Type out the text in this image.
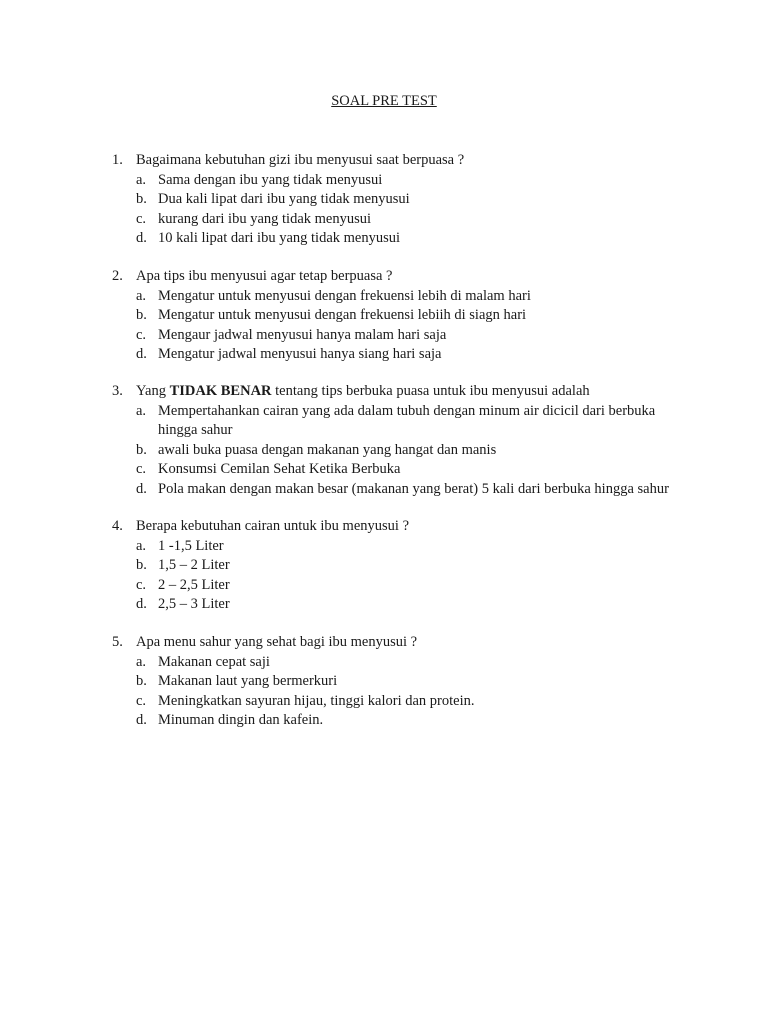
SOAL PRE TEST
1. Bagaimana kebutuhan gizi ibu menyusui saat berpuasa ?
a. Sama dengan ibu yang tidak menyusui
b. Dua kali lipat dari ibu yang tidak menyusui
c. kurang dari ibu yang tidak menyusui
d. 10 kali lipat dari ibu yang tidak menyusui
2. Apa tips ibu menyusui agar tetap berpuasa ?
a. Mengatur untuk menyusui dengan frekuensi lebih di malam hari
b. Mengatur untuk menyusui dengan frekuensi lebiih di siagn hari
c. Mengaur jadwal menyusui hanya malam hari saja
d. Mengatur jadwal menyusui hanya siang hari saja
3. Yang TIDAK BENAR tentang tips berbuka puasa untuk ibu menyusui adalah
a. Mempertahankan cairan yang ada dalam tubuh dengan minum air dicicil dari berbuka hingga sahur
b. awali buka puasa dengan makanan yang hangat dan manis
c. Konsumsi Cemilan Sehat Ketika Berbuka
d. Pola makan dengan makan besar (makanan yang berat) 5 kali dari berbuka hingga sahur
4. Berapa kebutuhan cairan untuk ibu menyusui ?
a. 1 -1,5 Liter
b. 1,5 – 2 Liter
c. 2 – 2,5 Liter
d. 2,5 – 3 Liter
5. Apa menu sahur yang sehat bagi ibu menyusui ?
a. Makanan cepat saji
b. Makanan laut yang bermerkuri
c. Meningkatkan sayuran hijau, tinggi kalori dan protein.
d. Minuman dingin dan kafein.
